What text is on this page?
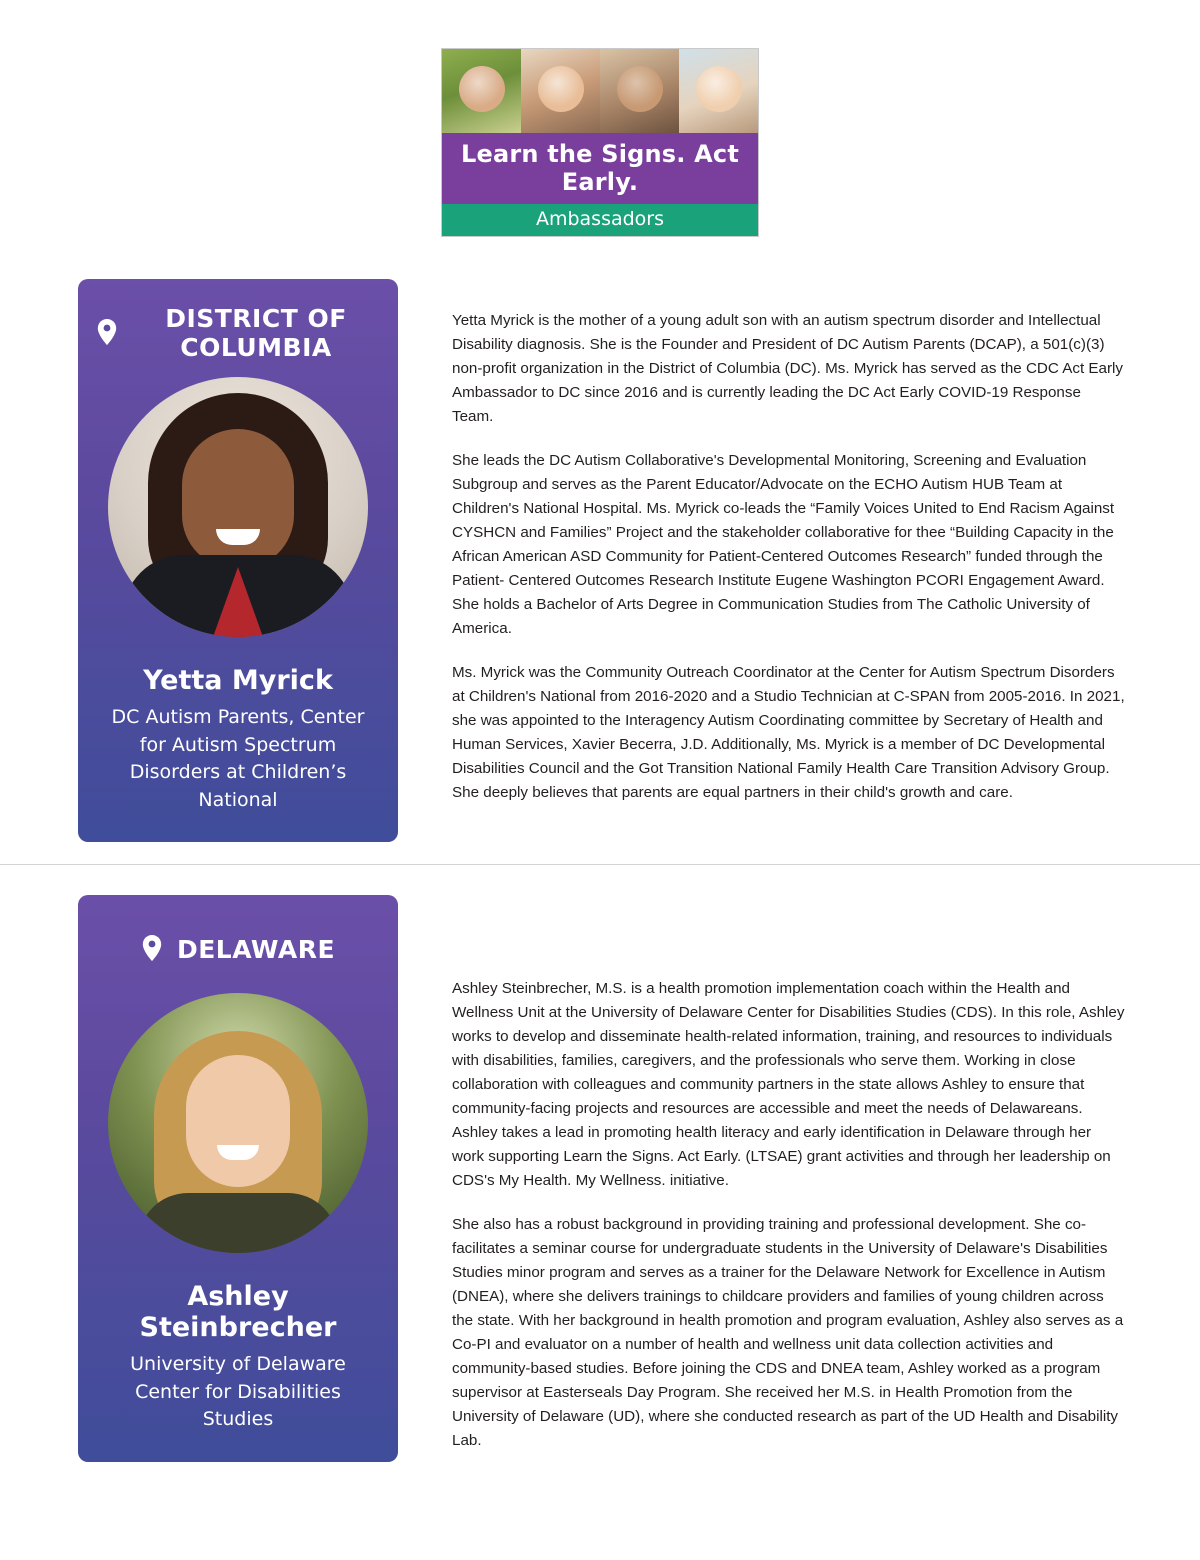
Learn the Signs. Act Early.
Ambassadors
DISTRICT OF COLUMBIA
Yetta Myrick
DC Autism Parents, Center for Autism Spectrum Disorders at Children’s National

Yetta Myrick is the mother of a young adult son with an autism spectrum disorder and Intellectual Disability diagnosis. She is the Founder and President of DC Autism Parents (DCAP), a 501(c)(3) non-profit organization in the District of Columbia (DC). Ms. Myrick has served as the CDC Act Early Ambassador to DC since 2016 and is currently leading the DC Act Early COVID-19 Response Team.

She leads the DC Autism Collaborative's Developmental Monitoring, Screening and Evaluation Subgroup and serves as the Parent Educator/Advocate on the ECHO Autism HUB Team at Children's National Hospital. Ms. Myrick co-leads the “Family Voices United to End Racism Against CYSHCN and Families” Project and the stakeholder collaborative for thee “Building Capacity in the African American ASD Community for Patient-Centered Outcomes Research” funded through the Patient- Centered Outcomes Research Institute Eugene Washington PCORI Engagement Award. She holds a Bachelor of Arts Degree in Communication Studies from The Catholic University of America.

Ms. Myrick was the Community Outreach Coordinator at the Center for Autism Spectrum Disorders at Children's National from 2016-2020 and a Studio Technician at C-SPAN from 2005-2016. In 2021, she was appointed to the Interagency Autism Coordinating committee by Secretary of Health and Human Services, Xavier Becerra, J.D. Additionally, Ms. Myrick is a member of DC Developmental Disabilities Council and the Got Transition National Family Health Care Transition Advisory Group. She deeply believes that parents are equal partners in their child's growth and care.

DELAWARE
Ashley Steinbrecher
University of Delaware Center for Disabilities Studies

Ashley Steinbrecher, M.S. is a health promotion implementation coach within the Health and Wellness Unit at the University of Delaware Center for Disabilities Studies (CDS). In this role, Ashley works to develop and disseminate health-related information, training, and resources to individuals with disabilities, families, caregivers, and the professionals who serve them. Working in close collaboration with colleagues and community partners in the state allows Ashley to ensure that community-facing projects and resources are accessible and meet the needs of Delawareans. Ashley takes a lead in promoting health literacy and early identification in Delaware through her work supporting Learn the Signs. Act Early. (LTSAE) grant activities and through her leadership on CDS's My Health. My Wellness. initiative.

She also has a robust background in providing training and professional development. She co-facilitates a seminar course for undergraduate students in the University of Delaware's Disabilities Studies minor program and serves as a trainer for the Delaware Network for Excellence in Autism (DNEA), where she delivers trainings to childcare providers and families of young children across the state. With her background in health promotion and program evaluation, Ashley also serves as a Co-PI and evaluator on a number of health and wellness unit data collection activities and community-based studies. Before joining the CDS and DNEA team, Ashley worked as a program supervisor at Easterseals Day Program. She received her M.S. in Health Promotion from the University of Delaware (UD), where she conducted research as part of the UD Health and Disability Lab.
